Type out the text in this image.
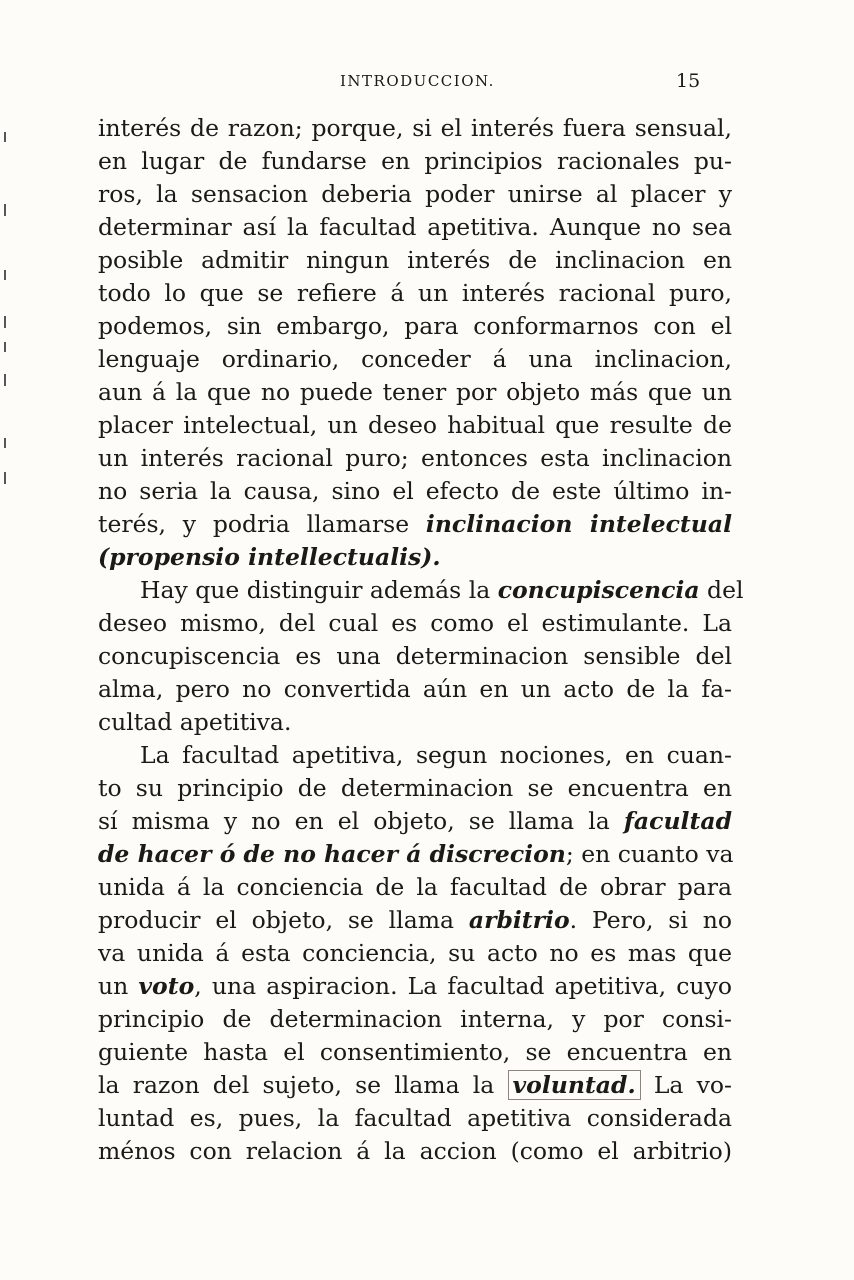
INTRODUCCION.	15
interés de razon; porque, si el interés fuera sensual,
en lugar de fundarse en principios racionales pu-
ros, la sensacion deberia poder unirse al placer y
determinar así la facultad apetitiva. Aunque no sea
posible admitir ningun interés de inclinacion en
todo lo que se refiere á un interés racional puro,
podemos, sin embargo, para conformarnos con el
lenguaje ordinario, conceder á una inclinacion,
aun á la que no puede tener por objeto más que un
placer intelectual, un deseo habitual que resulte de
un interés racional puro; entonces esta inclinacion
no seria la causa, sino el efecto de este último in-
terés, y podria llamarse inclinacion intelectual
(propensio intellectualis).
Hay que distinguir además la concupiscencia del
deseo mismo, del cual es como el estimulante. La
concupiscencia es una determinacion sensible del
alma, pero no convertida aún en un acto de la fa-
cultad apetitiva.
La facultad apetitiva, segun nociones, en cuan-
to su principio de determinacion se encuentra en
sí misma y no en el objeto, se llama la facultad
de hacer ó de no hacer á discrecion; en cuanto va
unida á la conciencia de la facultad de obrar para
producir el objeto, se llama arbitrio. Pero, si no
va unida á esta conciencia, su acto no es mas que
un voto, una aspiracion. La facultad apetitiva, cuyo
principio de determinacion interna, y por consi-
guiente hasta el consentimiento, se encuentra en
la razon del sujeto, se llama la voluntad. La vo-
luntad es, pues, la facultad apetitiva considerada
ménos con relacion á la accion (como el arbitrio)
